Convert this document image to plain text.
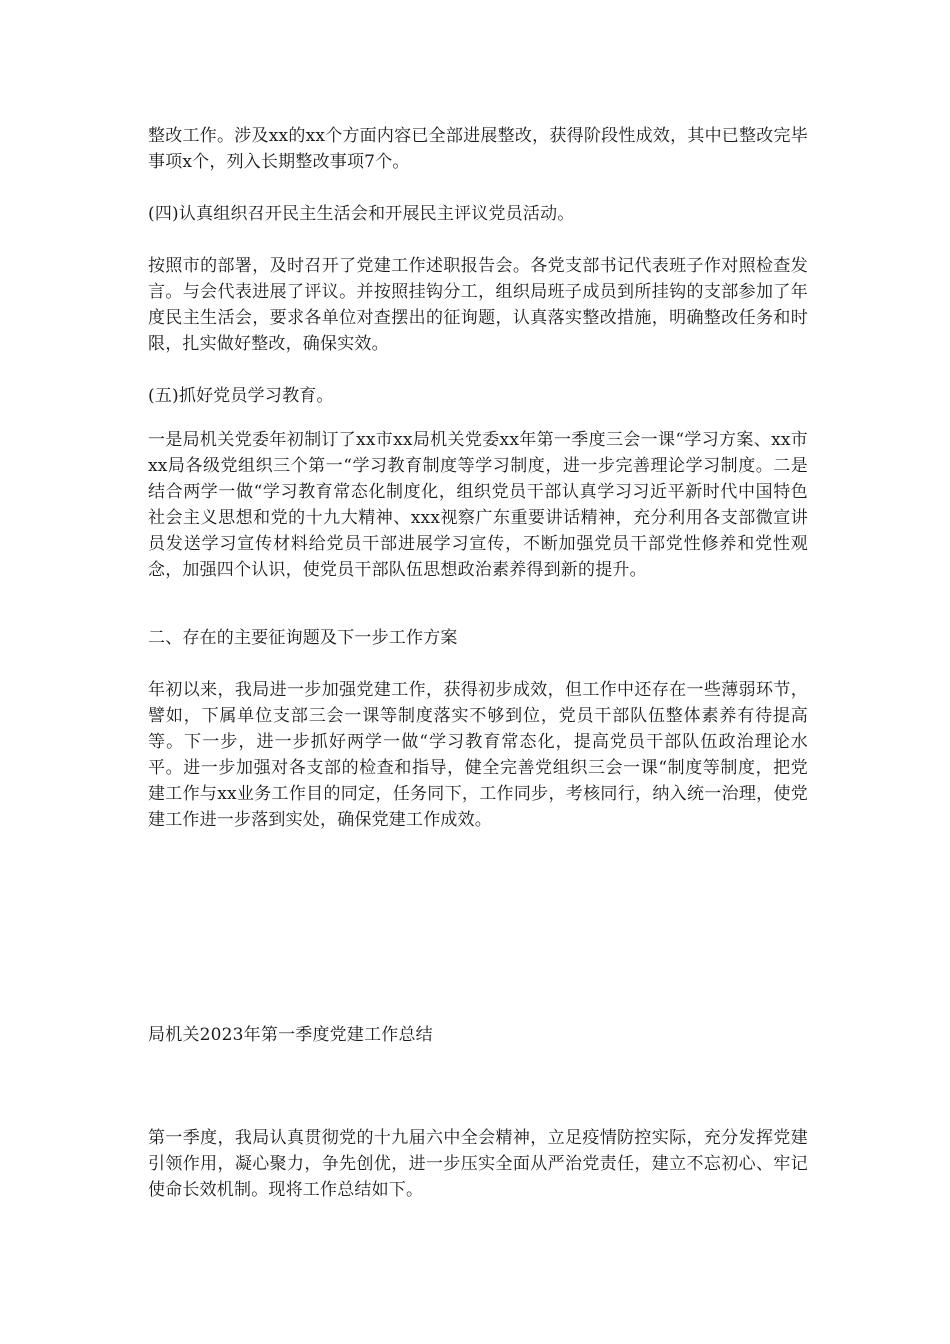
整改工作。涉及xx的xx个方面内容已全部进展整改，获得阶段性成效，其中已整改完毕事项x个，列入长期整改事项7个。

(四)认真组织召开民主生活会和开展民主评议党员活动。

按照市的部署，及时召开了党建工作述职报告会。各党支部书记代表班子作对照检查发言。与会代表进展了评议。并按照挂钩分工，组织局班子成员到所挂钩的支部参加了年度民主生活会，要求各单位对查摆出的征询题，认真落实整改措施，明确整改任务和时限，扎实做好整改，确保实效。

(五)抓好党员学习教育。

一是局机关党委年初制订了xx市xx局机关党委xx年第一季度三会一课“学习方案、xx市xx局各级党组织三个第一“学习教育制度等学习制度，进一步完善理论学习制度。二是结合两学一做“学习教育常态化制度化，组织党员干部认真学习习近平新时代中国特色社会主义思想和党的十九大精神、xxx视察广东重要讲话精神，充分利用各支部微宣讲员发送学习宣传材料给党员干部进展学习宣传，不断加强党员干部党性修养和党性观念，加强四个认识，使党员干部队伍思想政治素养得到新的提升。

二、存在的主要征询题及下一步工作方案

年初以来，我局进一步加强党建工作，获得初步成效，但工作中还存在一些薄弱环节，譬如，下属单位支部三会一课等制度落实不够到位，党员干部队伍整体素养有待提高等。下一步，进一步抓好两学一做“学习教育常态化，提高党员干部队伍政治理论水平。进一步加强对各支部的检查和指导，健全完善党组织三会一课“制度等制度，把党建工作与xx业务工作目的同定，任务同下，工作同步，考核同行，纳入统一治理，使党建工作进一步落到实处，确保党建工作成效。

局机关2023年第一季度党建工作总结

第一季度，我局认真贯彻党的十九届六中全会精神，立足疫情防控实际，充分发挥党建引领作用，凝心聚力，争先创优，进一步压实全面从严治党责任，建立不忘初心、牢记使命长效机制。现将工作总结如下。
